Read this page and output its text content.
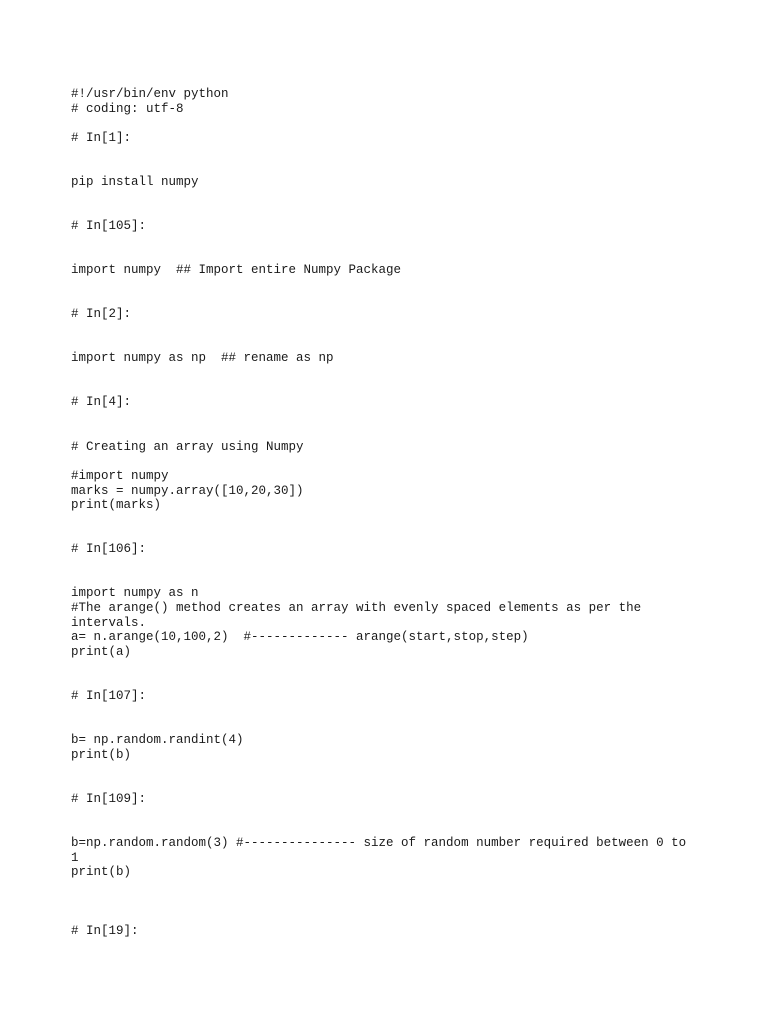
#!/usr/bin/env python
# coding: utf-8
# In[1]:
pip install numpy
# In[105]:
import numpy  ## Import entire Numpy Package
# In[2]:
import numpy as np  ## rename as np
# In[4]:
# Creating an array using Numpy
#import numpy
marks = numpy.array([10,20,30])
print(marks)
# In[106]:
import numpy as n
#The arange() method creates an array with evenly spaced elements as per the
intervals.
a= n.arange(10,100,2)  #------------- arange(start,stop,step)
print(a)
# In[107]:
b= np.random.randint(4)
print(b)
# In[109]:
b=np.random.random(3) #--------------- size of random number required between 0 to
1
print(b)
# In[19]:
